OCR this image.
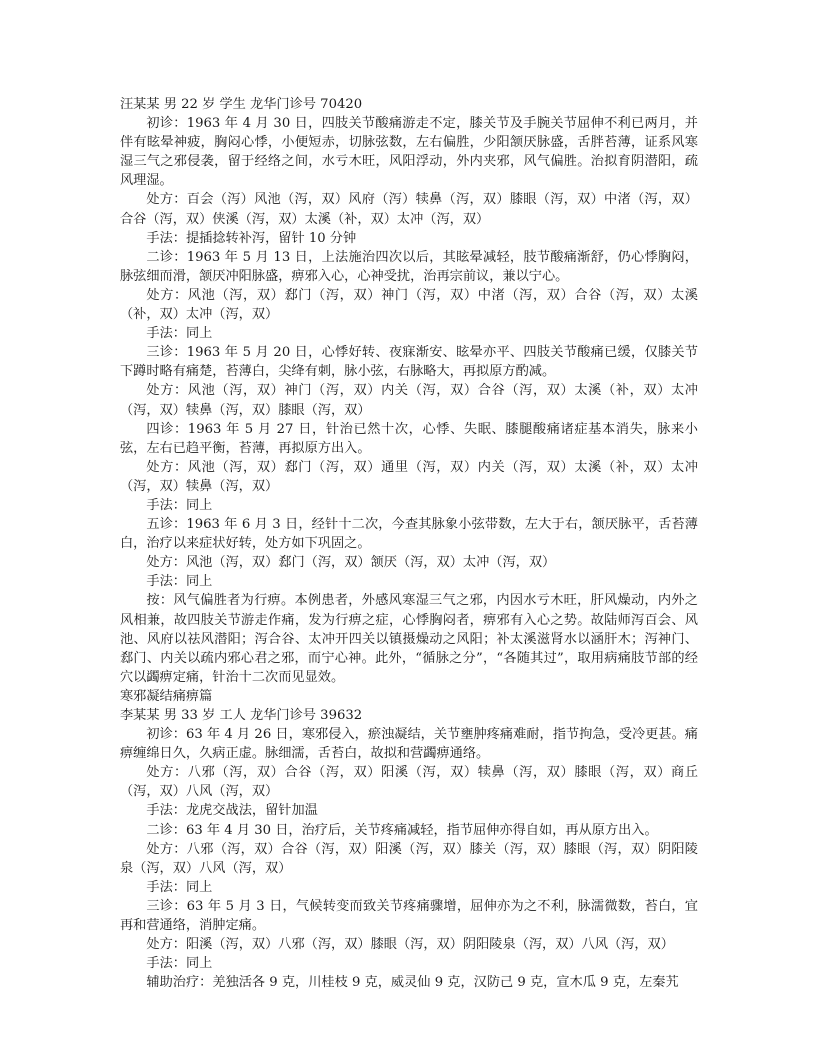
汪某某 男 22 岁 学生 龙华门诊号 70420

初诊：1963 年 4 月 30 日，四肢关节酸痛游走不定，膝关节及手腕关节屈伸不利已两月，并伴有眩晕神疲，胸闷心悸，小便短赤，切脉弦数，左右偏胜，少阳颔厌脉盛，舌胖苔薄，证系风寒湿三气之邪侵袭，留于经络之间，水亏木旺，风阳浮动，外内夹邪，风气偏胜。治拟育阴潜阳，疏风理湿。

处方：百会（泻）风池（泻，双）风府（泻）犊鼻（泻，双）膝眼（泻，双）中渚（泻，双）合谷（泻，双）侠溪（泻，双）太溪（补，双）太冲（泻，双）

手法：提插捻转补泻，留针 10 分钟

二诊：1963 年 5 月 13 日，上法施治四次以后，其眩晕减轻，肢节酸痛渐舒，仍心悸胸闷，脉弦细而滑，颔厌冲阳脉盛，痹邪入心，心神受扰，治再宗前议，兼以宁心。

处方：风池（泻，双）郄门（泻，双）神门（泻，双）中渚（泻，双）合谷（泻，双）太溪（补，双）太冲（泻，双）

手法：同上

三诊：1963 年 5 月 20 日，心悸好转、夜寐渐安、眩晕亦平、四肢关节酸痛已缓，仅膝关节下蹲时略有痛楚，苔薄白，尖绛有刺，脉小弦，右脉略大，再拟原方酌减。

处方：风池（泻，双）神门（泻，双）内关（泻，双）合谷（泻，双）太溪（补，双）太冲（泻，双）犊鼻（泻，双）膝眼（泻，双）

四诊：1963 年 5 月 27 日，针治已然十次，心悸、失眠、膝腿酸痛诸症基本消失，脉来小弦，左右已趋平衡，苔薄，再拟原方出入。

处方：风池（泻，双）郄门（泻，双）通里（泻，双）内关（泻，双）太溪（补，双）太冲（泻，双）犊鼻（泻，双）

手法：同上

五诊：1963 年 6 月 3 日，经针十二次，今查其脉象小弦带数，左大于右，颔厌脉平，舌苔薄白，治疗以来症状好转，处方如下巩固之。

处方：风池（泻，双）郄门（泻，双）颔厌（泻，双）太冲（泻，双）

手法：同上

按：风气偏胜者为行痹。本例患者，外感风寒湿三气之邪，内因水亏木旺，肝风燥动，内外之风相兼，故四肢关节游走作痛，发为行痹之症，心悸胸闷者，痹邪有入心之势。故陆师泻百会、风池、风府以祛风潜阳；泻合谷、太冲开四关以镇摄燥动之风阳；补太溪滋肾水以涵肝木；泻神门、郄门、内关以疏内邪心君之邪，而宁心神。此外，“循脉之分”，“各随其过”，取用病痛肢节部的经穴以蠲痹定痛，针治十二次而见显效。

寒邪凝结痛痹篇

李某某 男 33 岁 工人 龙华门诊号 39632

初诊：63 年 4 月 26 日，寒邪侵入，瘀浊凝结，关节壅肿疼痛难耐，指节拘急，受冷更甚。痛痹缠绵日久，久病正虚。脉细濡，舌苔白，故拟和营蠲痹通络。

处方：八邪（泻，双）合谷（泻，双）阳溪（泻，双）犊鼻（泻，双）膝眼（泻，双）商丘（泻，双）八风（泻，双）

手法：龙虎交战法，留针加温

二诊：63 年 4 月 30 日，治疗后，关节疼痛减轻，指节屈伸亦得自如，再从原方出入。

处方：八邪（泻，双）合谷（泻，双）阳溪（泻，双）膝关（泻，双）膝眼（泻，双）阴阳陵泉（泻，双）八风（泻，双）

手法：同上

三诊：63 年 5 月 3 日，气候转变而致关节疼痛骤增，屈伸亦为之不利，脉濡微数，苔白，宜再和营通络，消肿定痛。

处方：阳溪（泻，双）八邪（泻，双）膝眼（泻，双）阴阳陵泉（泻，双）八风（泻，双）

手法：同上

辅助治疗：羌独活各 9 克，川桂枝 9 克，威灵仙 9 克，汉防己 9 克，宣木瓜 9 克，左秦艽
